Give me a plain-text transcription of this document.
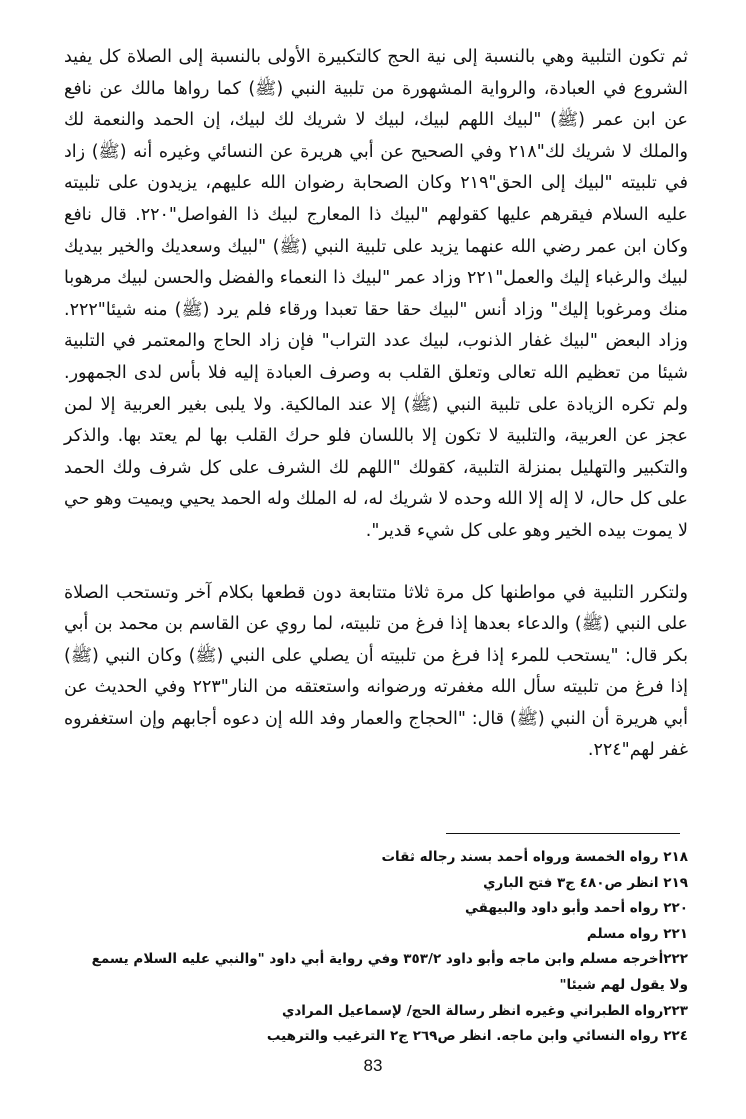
ثم تكون التلبية وهي بالنسبة إلى نية الحج كالتكبيرة الأولى بالنسبة إلى الصلاة كل يفيد الشروع في العبادة، والرواية المشهورة من تلبية النبي (ﷺ) كما رواها مالك عن نافع عن ابن عمر (ﷺ) "لبيك اللهم لبيك، لبيك لا شريك لك لبيك، إن الحمد والنعمة لك والملك لا شريك لك"٢١٨ وفي الصحيح عن أبي هريرة عن النسائي وغيره أنه (ﷺ) زاد في تلبيته "لبيك إلى الحق"٢١٩ وكان الصحابة رضوان الله عليهم، يزيدون على تلبيته عليه السلام فيقرهم عليها كقولهم "لبيك ذا المعارج لبيك ذا الفواصل"٢٢٠. قال نافع وكان ابن عمر رضي الله عنهما يزيد على تلبية النبي (ﷺ) "لبيك وسعديك والخير بيديك لبيك والرغباء إليك والعمل"٢٢١ وزاد عمر "لبيك ذا النعماء والفضل والحسن لبيك مرهوبا منك ومرغوبا إليك" وزاد أنس "لبيك حقا حقا تعبدا ورقاء فلم يرد (ﷺ) منه شيئا"٢٢٢. وزاد البعض "لبيك غفار الذنوب، لبيك عدد التراب" فإن زاد الحاج والمعتمر في التلبية شيئا من تعظيم الله تعالى وتعلق القلب به وصرف العبادة إليه فلا بأس لدى الجمهور. ولم تكره الزيادة على تلبية النبي (ﷺ) إلا عند المالكية. ولا يلبى بغير العربية إلا لمن عجز عن العربية، والتلبية لا تكون إلا باللسان فلو حرك القلب بها لم يعتد بها. والذكر والتكبير والتهليل بمنزلة التلبية، كقولك "اللهم لك الشرف على كل شرف ولك الحمد على كل حال، لا إله إلا الله وحده لا شريك له، له الملك وله الحمد يحيي ويميت وهو حي لا يموت بيده الخير وهو على كل شيء قدير".

ولتكرر التلبية في مواطنها كل مرة ثلاثا متتابعة دون قطعها بكلام آخر وتستحب الصلاة على النبي (ﷺ) والدعاء بعدها إذا فرغ من تلبيته، لما روي عن القاسم بن محمد بن أبي بكر قال: "يستحب للمرء إذا فرغ من تلبيته أن يصلي على النبي (ﷺ) وكان النبي (ﷺ) إذا فرغ من تلبيته سأل الله مغفرته ورضوانه واستعتقه من النار"٢٢٣ وفي الحديث عن أبي هريرة أن النبي (ﷺ) قال: "الحجاج والعمار وفد الله إن دعوه أجابهم وإن استغفروه غفر لهم"٢٢٤.

٢١٨ رواه الخمسة ورواه أحمد بسند رجاله ثقات
٢١٩ انظر ص٤٨٠ ج٣ فتح الباري
٢٢٠ رواه أحمد وأبو داود والبيهقي
٢٢١ رواه مسلم
٢٢٢أخرجه مسلم وابن ماجه وأبو داود ٣٥٣/٢ وفي رواية أبي داود "والنبي عليه السلام يسمع ولا يقول لهم شيئا"
٢٢٣رواه الطبراني وغيره انظر رسالة الحج/ لإسماعيل المرادي
٢٢٤ رواه النسائي وابن ماجه. انظر ص٢٦٩ ج٢ الترغيب والترهيب
83
